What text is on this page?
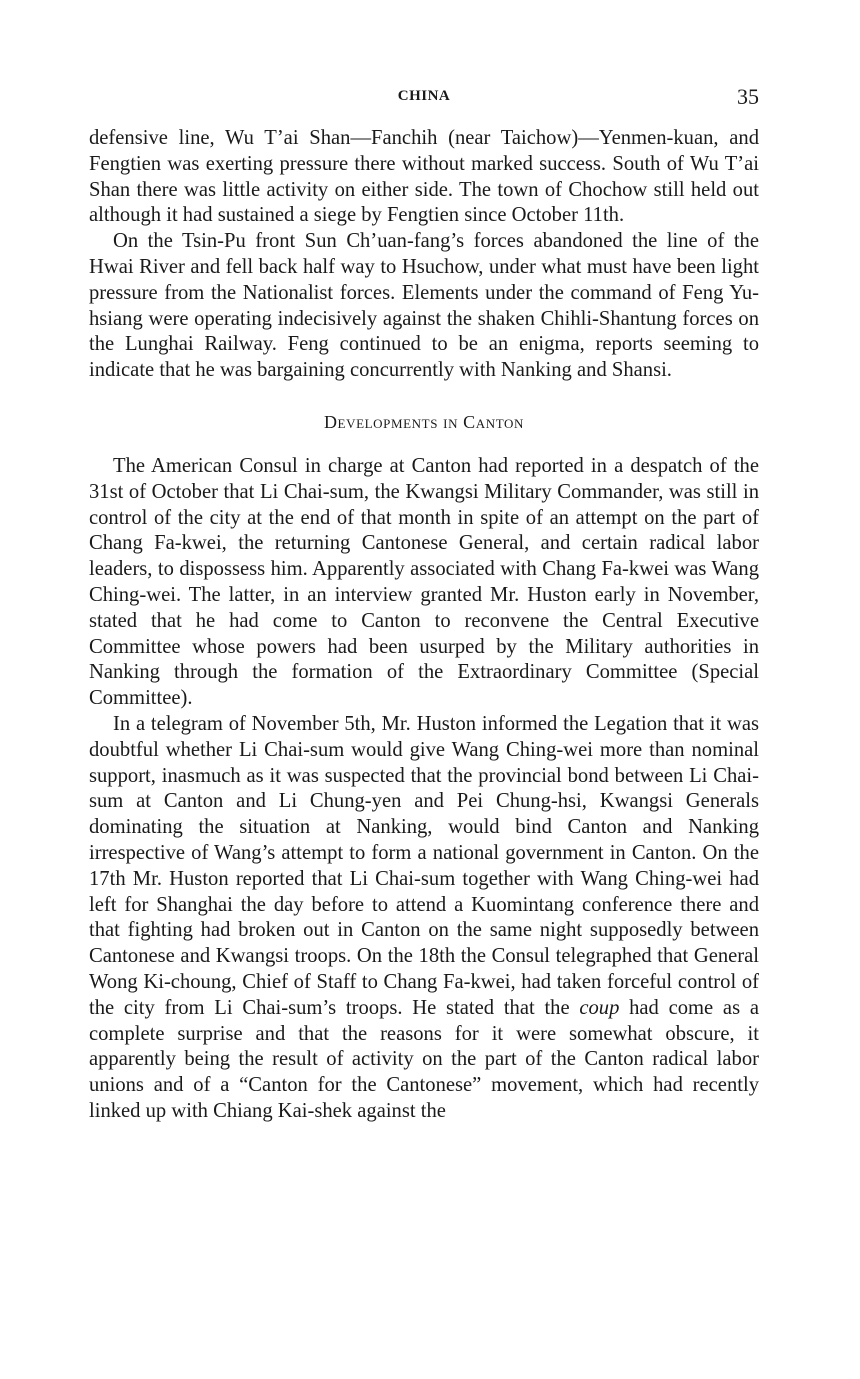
CHINA	35

defensive line, Wu T’ai Shan—Fanchih (near Taichow)—Yenmen-kuan, and Fengtien was exerting pressure there without marked success. South of Wu T’ai Shan there was little activity on either side. The town of Chochow still held out although it had sustained a siege by Fengtien since October 11th.

On the Tsin-Pu front Sun Ch’uan-fang’s forces abandoned the line of the Hwai River and fell back half way to Hsuchow, under what must have been light pressure from the Nationalist forces. Elements under the command of Feng Yu-hsiang were operating indecisively against the shaken Chihli-Shantung forces on the Lunghai Railway. Feng continued to be an enigma, reports seeming to indicate that he was bargaining concurrently with Nanking and Shansi.

Developments in Canton

The American Consul in charge at Canton had reported in a despatch of the 31st of October that Li Chai-sum, the Kwangsi Military Commander, was still in control of the city at the end of that month in spite of an attempt on the part of Chang Fa-kwei, the returning Cantonese General, and certain radical labor leaders, to dispossess him. Apparently associated with Chang Fa-kwei was Wang Ching-wei. The latter, in an interview granted Mr. Huston early in November, stated that he had come to Canton to reconvene the Central Executive Committee whose powers had been usurped by the Military authorities in Nanking through the formation of the Extraordinary Committee (Special Committee).

In a telegram of November 5th, Mr. Huston informed the Legation that it was doubtful whether Li Chai-sum would give Wang Ching-wei more than nominal support, inasmuch as it was suspected that the provincial bond between Li Chai-sum at Canton and Li Chung-yen and Pei Chung-hsi, Kwangsi Generals dominating the situation at Nanking, would bind Canton and Nanking irrespective of Wang’s attempt to form a national government in Canton. On the 17th Mr. Huston reported that Li Chai-sum together with Wang Ching-wei had left for Shanghai the day before to attend a Kuomintang conference there and that fighting had broken out in Canton on the same night supposedly between Cantonese and Kwangsi troops. On the 18th the Consul telegraphed that General Wong Ki-choung, Chief of Staff to Chang Fa-kwei, had taken forceful control of the city from Li Chai-sum’s troops. He stated that the coup had come as a complete surprise and that the reasons for it were somewhat obscure, it apparently being the result of activity on the part of the Canton radical labor unions and of a “Canton for the Cantonese” movement, which had recently linked up with Chiang Kai-shek against the
